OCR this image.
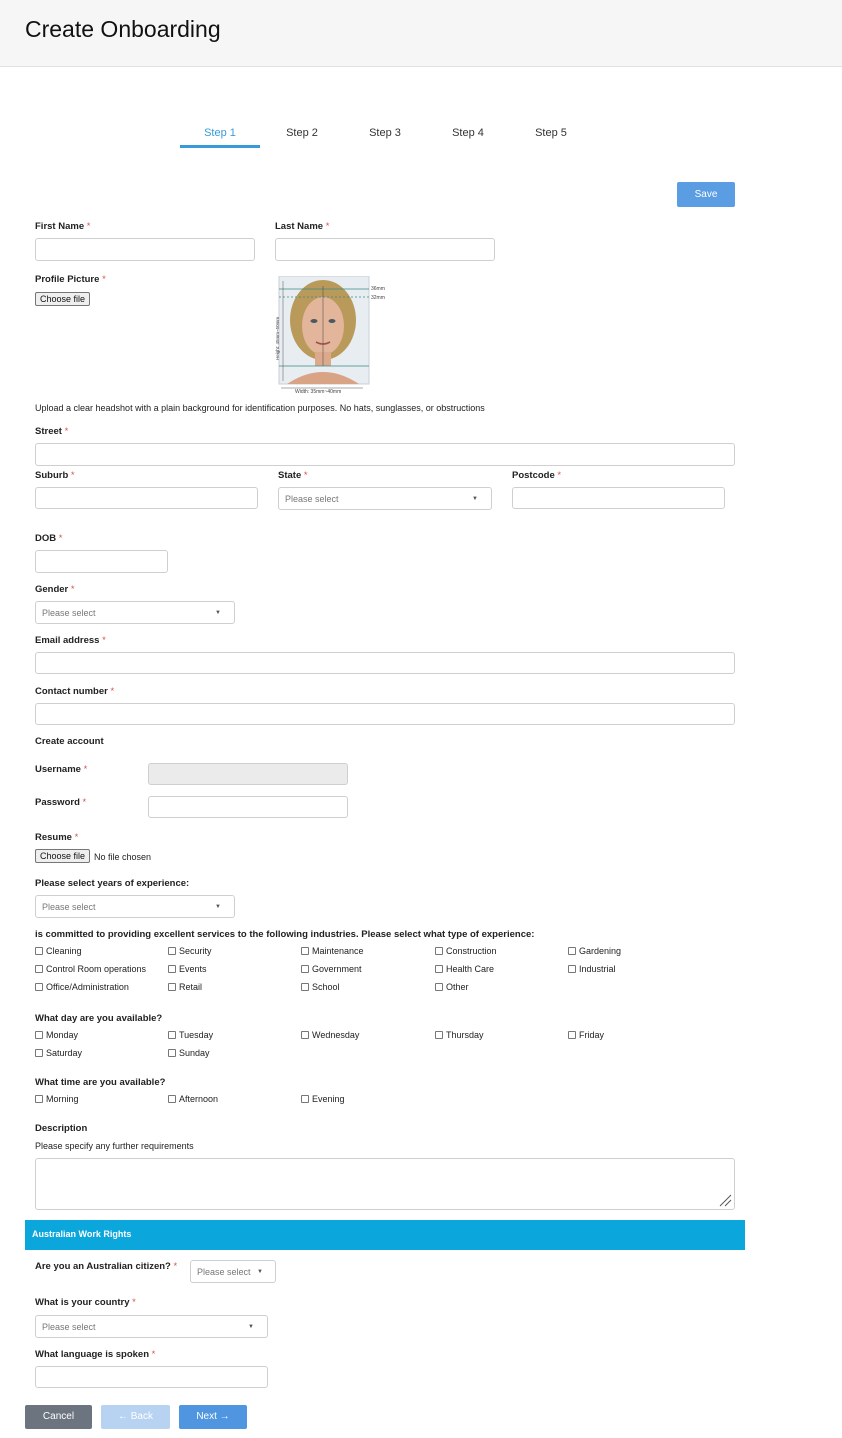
Create Onboarding
Step 1	Step 2	Step 3	Step 4	Step 5
Save
First Name *	Last Name *
Profile Picture *
Choose file
36mm
32mm
Height: 45mm~50mm
Width: 35mm~40mm
Upload a clear headshot with a plain background for identification purposes. No hats, sunglasses, or obstructions
Street *
Suburb *	State *
Please select	▼
Postcode *
DOB *
Gender *
Please select	▼
Email address *
Contact number *
Create account
Username *
Password *
Resume *
Choose file No file chosen
Please select years of experience:
Please select	▼
is committed to providing excellent services to the following industries. Please select what type of experience:
Cleaning	Security	Maintenance	Construction	Gardening
Control Room operations	Events	Government	Health Care	Industrial
Office/Administration	Retail	School	Other
What day are you available?
Monday	Tuesday	Wednesday	Thursday	Friday
Saturday	Sunday
What time are you available?
Morning	Afternoon	Evening
Description
Please specify any further requirements
Australian Work Rights
Are you an Australian citizen? *	Please select ▼
What is your country *
Please select	▼
What language is spoken *
Cancel	← Back	Next →
